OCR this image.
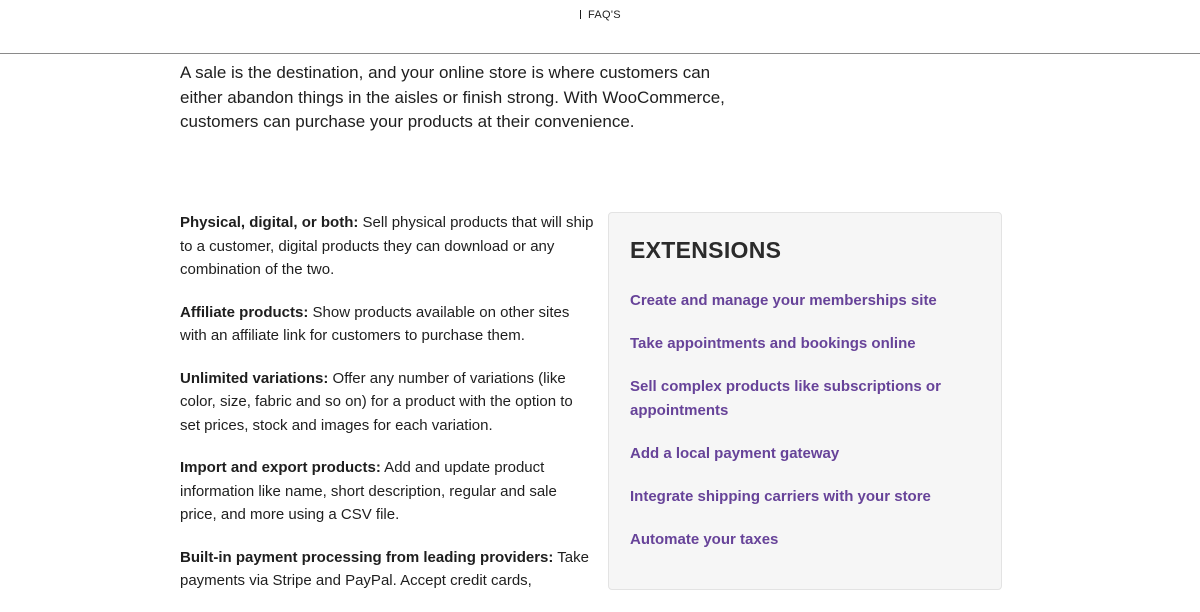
FAQ'S

A sale is the destination, and your online store is where customers can either abandon things in the aisles or finish strong. With WooCommerce, customers can purchase your products at their convenience.

Physical, digital, or both: Sell physical products that will ship to a customer, digital products they can download or any combination of the two.

Affiliate products: Show products available on other sites with an affiliate link for customers to purchase them.

Unlimited variations: Offer any number of variations (like color, size, fabric and so on) for a product with the option to set prices, stock and images for each variation.

Import and export products: Add and update product information like name, short description, regular and sale price, and more using a CSV file.

Built-in payment processing from leading providers: Take payments via Stripe and PayPal. Accept credit cards,

EXTENSIONS
Create and manage your memberships site
Take appointments and bookings online
Sell complex products like subscriptions or appointments
Add a local payment gateway
Integrate shipping carriers with your store
Automate your taxes
